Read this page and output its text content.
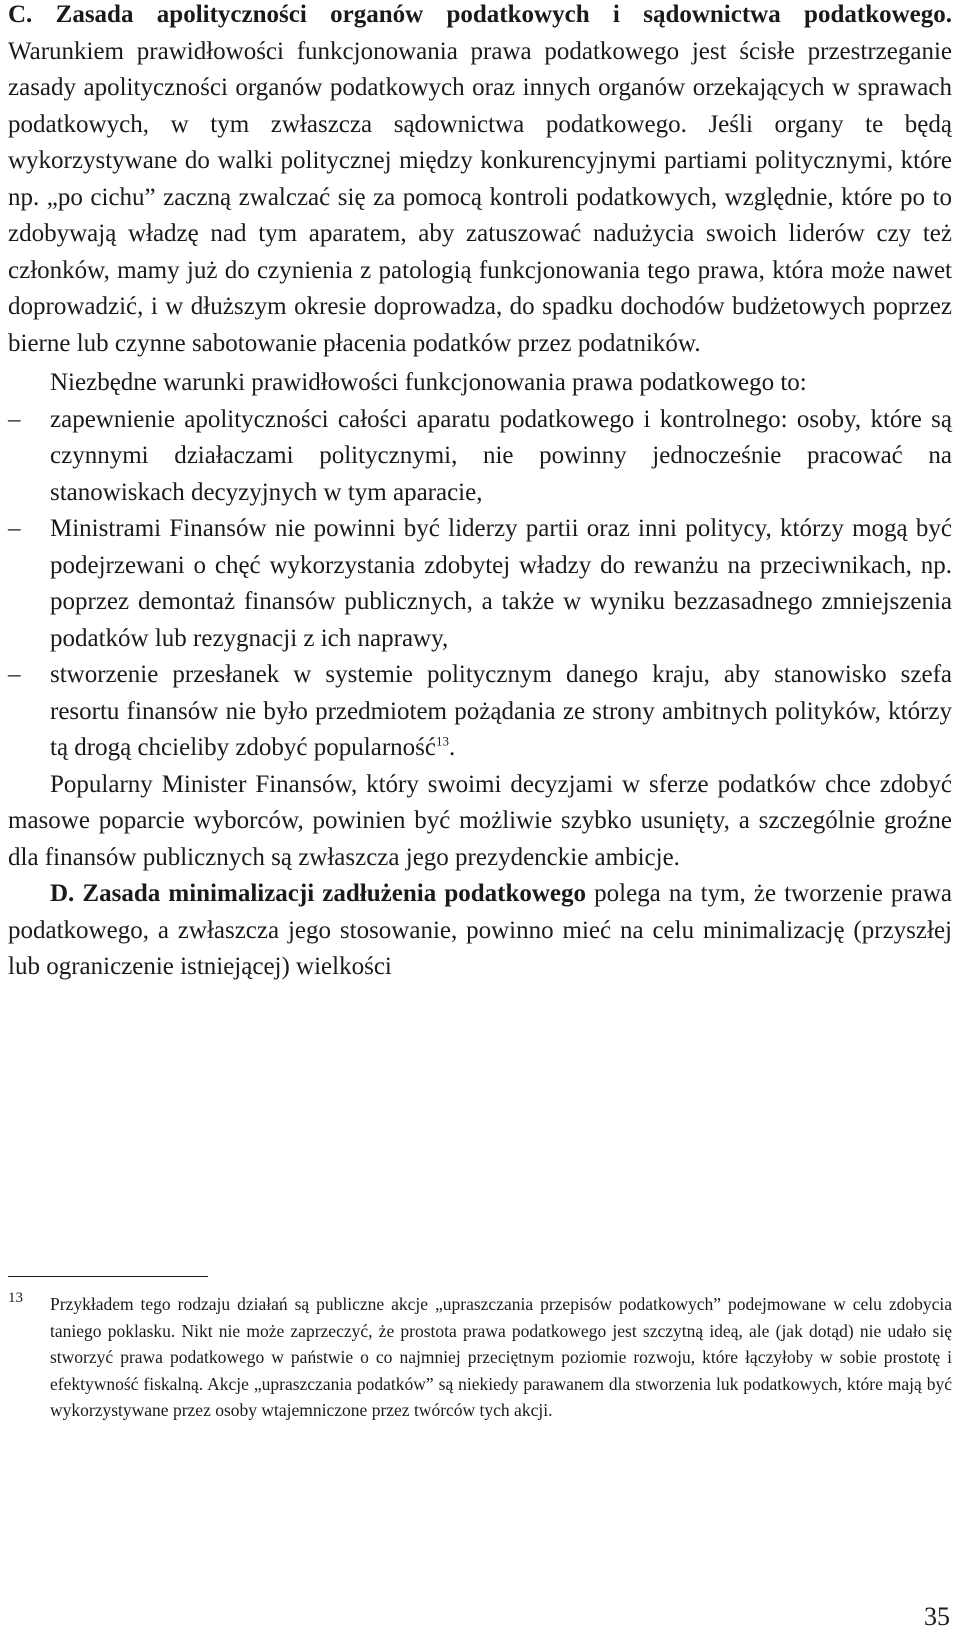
C. Zasada apolityczności organów podatkowych i sądownictwa podatkowego. Warunkiem prawidłowości funkcjonowania prawa podatkowego jest ścisłe przestrzeganie zasady apolityczności organów podatkowych oraz innych organów orzekających w sprawach podatkowych, w tym zwłaszcza sądownictwa podatkowego. Jeśli organy te będą wykorzystywane do walki politycznej między konkurencyjnymi partiami politycznymi, które np. „po cichu” zaczną zwalczać się za pomocą kontroli podatkowych, względnie, które po to zdobywają władzę nad tym aparatem, aby zatuszować nadużycia swoich liderów czy też członków, mamy już do czynienia z patologią funkcjonowania tego prawa, która może nawet doprowadzić, i w dłuższym okresie doprowadza, do spadku dochodów budżetowych poprzez bierne lub czynne sabotowanie płacenia podatków przez podatników.

Niezbędne warunki prawidłowości funkcjonowania prawa podatkowego to:

– zapewnienie apolityczności całości aparatu podatkowego i kontrolnego: osoby, które są czynnymi działaczami politycznymi, nie powinny jednocześnie pracować na stanowiskach decyzyjnych w tym aparacie,
– Ministrami Finansów nie powinni być liderzy partii oraz inni politycy, którzy mogą być podejrzewani o chęć wykorzystania zdobytej władzy do rewanżu na przeciwnikach, np. poprzez demontaż finansów publicznych, a także w wyniku bezzasadnego zmniejszenia podatków lub rezygnacji z ich naprawy,
– stworzenie przesłanek w systemie politycznym danego kraju, aby stanowisko szefa resortu finansów nie było przedmiotem pożądania ze strony ambitnych polityków, którzy tą drogą chcieliby zdobyć popularność$^{13}$.

Popularny Minister Finansów, który swoimi decyzjami w sferze podatków chce zdobyć masowe poparcie wyborców, powinien być możliwie szybko usunięty, a szczególnie groźne dla finansów publicznych są zwłaszcza jego prezydenckie ambicje.

D. Zasada minimalizacji zadłużenia podatkowego polega na tym, że tworzenie prawa podatkowego, a zwłaszcza jego stosowanie, powinno mieć na celu minimalizację (przyszłej lub ograniczenie istniejącej) wielkości

13 Przykładem tego rodzaju działań są publiczne akcje „upraszczania przepisów podatkowych” podejmowane w celu zdobycia taniego poklasku. Nikt nie może zaprzeczyć, że prostota prawa podatkowego jest szczytną ideą, ale (jak dotąd) nie udało się stworzyć prawa podatkowego w państwie o co najmniej przeciętnym poziomie rozwoju, które łączyłoby w sobie prostotę i efektywność fiskalną. Akcje „upraszczania podatków” są niekiedy parawanem dla stworzenia luk podatkowych, które mają być wykorzystywane przez osoby wtajemniczone przez twórców tych akcji.

35
